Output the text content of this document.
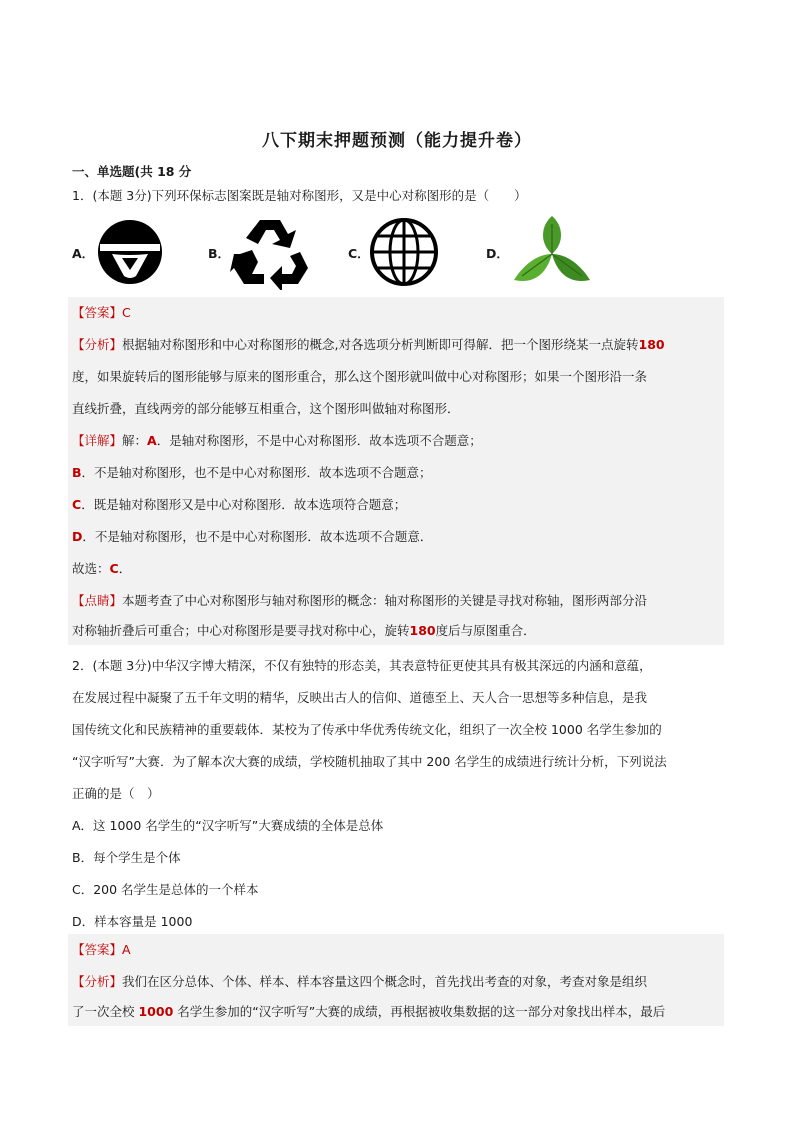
八下期末押题预测（能力提升卷）
一、单选题(共 18 分
1．(本题 3分)下列环保标志图案既是轴对称图形，又是中心对称图形的是（　　）
A．	B．	C．	D．
【答案】C
【分析】根据轴对称图形和中心对称图形的概念,对各选项分析判断即可得解．把一个图形绕某一点旋转180
度，如果旋转后的图形能够与原来的图形重合，那么这个图形就叫做中心对称图形；如果一个图形沿一条
直线折叠，直线两旁的部分能够互相重合，这个图形叫做轴对称图形．
【详解】解：A．是轴对称图形，不是中心对称图形．故本选项不合题意；
B．不是轴对称图形，也不是中心对称图形．故本选项不合题意；
C．既是轴对称图形又是中心对称图形．故本选项符合题意；
D．不是轴对称图形，也不是中心对称图形．故本选项不合题意．
故选：C．
【点睛】本题考查了中心对称图形与轴对称图形的概念：轴对称图形的关键是寻找对称轴，图形两部分沿
对称轴折叠后可重合；中心对称图形是要寻找对称中心，旋转180度后与原图重合．
2．(本题 3分)中华汉字博大精深，不仅有独特的形态美，其表意特征更使其具有极其深远的内涵和意蕴，
在发展过程中凝聚了五千年文明的精华，反映出古人的信仰、道德至上、天人合一思想等多种信息，是我
国传统文化和民族精神的重要载体．某校为了传承中华优秀传统文化，组织了一次全校 1000 名学生参加的
“汉字听写”大赛．为了解本次大赛的成绩，学校随机抽取了其中 200 名学生的成绩进行统计分析，下列说法
正确的是（　）
A．这 1000 名学生的“汉字听写”大赛成绩的全体是总体
B．每个学生是个体
C．200 名学生是总体的一个样本
D．样本容量是 1000
【答案】A
【分析】我们在区分总体、个体、样本、样本容量这四个概念时，首先找出考查的对象，考查对象是组织
了一次全校 1000 名学生参加的“汉字听写”大赛的成绩，再根据被收集数据的这一部分对象找出样本，最后
